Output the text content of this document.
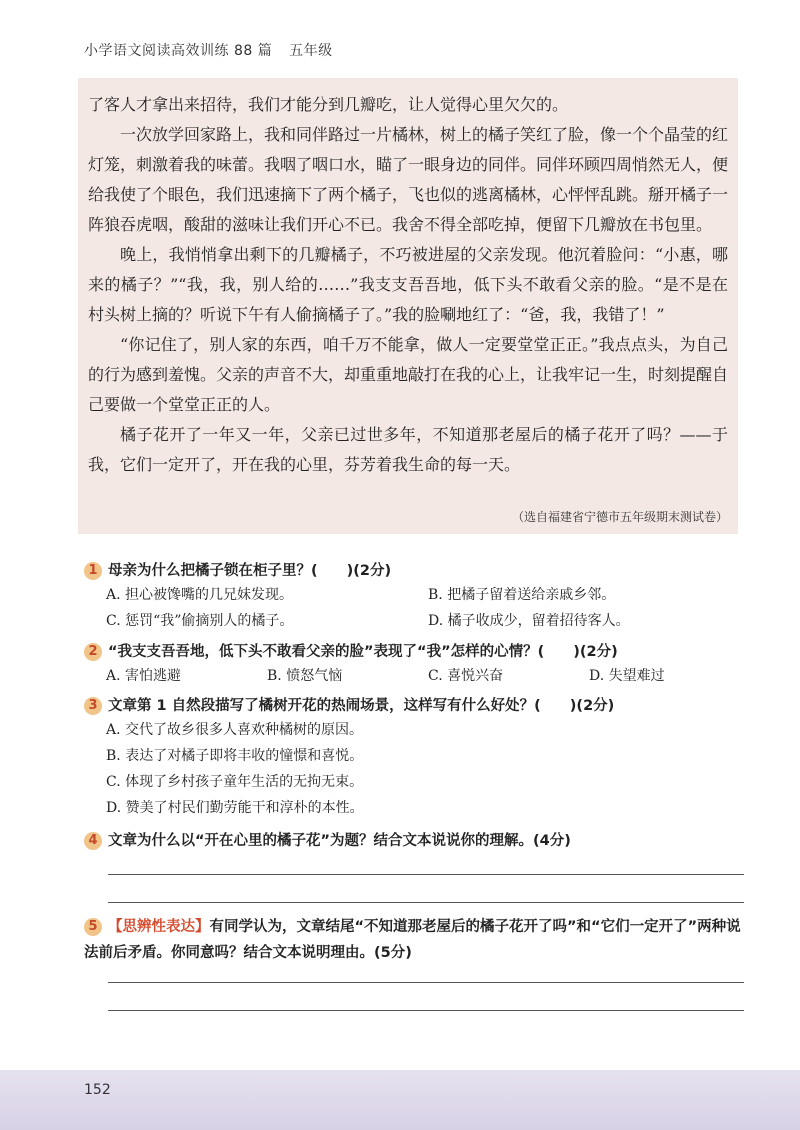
小学语文阅读高效训练 88 篇 五年级

了客人才拿出来招待，我们才能分到几瓣吃，让人觉得心里欠欠的。

一次放学回家路上，我和同伴路过一片橘林，树上的橘子笑红了脸，像一个个晶莹的红灯笼，刺激着我的味蕾。我咽了咽口水，瞄了一眼身边的同伴。同伴环顾四周悄然无人，便给我使了个眼色，我们迅速摘下了两个橘子，飞也似的逃离橘林，心怦怦乱跳。掰开橘子一阵狼吞虎咽，酸甜的滋味让我们开心不已。我舍不得全部吃掉，便留下几瓣放在书包里。

晚上，我悄悄拿出剩下的几瓣橘子，不巧被进屋的父亲发现。他沉着脸问：“小惠，哪来的橘子？”“我，我，别人给的……”我支支吾吾地，低下头不敢看父亲的脸。“是不是在村头树上摘的？听说下午有人偷摘橘子了。”我的脸唰地红了：“爸，我，我错了！”

“你记住了，别人家的东西，咱千万不能拿，做人一定要堂堂正正。”我点点头，为自己的行为感到羞愧。父亲的声音不大，却重重地敲打在我的心上，让我牢记一生，时刻提醒自己要做一个堂堂正正的人。

橘子花开了一年又一年，父亲已过世多年，不知道那老屋后的橘子花开了吗？——于我，它们一定开了，开在我的心里，芬芳着我生命的每一天。

（选自福建省宁德市五年级期末测试卷）
1 母亲为什么把橘子锁在柜子里？(　　)(2分)
A. 担心被馋嘴的几兄妹发现。	B. 把橘子留着送给亲戚乡邻。
C. 惩罚“我”偷摘别人的橘子。	D. 橘子收成少，留着招待客人。
2 “我支支吾吾地，低下头不敢看父亲的脸”表现了“我”怎样的心情？(　　)(2分)
A. 害怕逃避	B. 愤怒气恼	C. 喜悦兴奋	D. 失望难过
3 文章第 1 自然段描写了橘树开花的热闹场景，这样写有什么好处？(　　)(2分)
A. 交代了故乡很多人喜欢种橘树的原因。
B. 表达了对橘子即将丰收的憧憬和喜悦。
C. 体现了乡村孩子童年生活的无拘无束。
D. 赞美了村民们勤劳能干和淳朴的本性。
4 文章为什么以“开在心里的橘子花”为题？结合文本说说你的理解。(4分)
5 【思辨性表达】有同学认为，文章结尾“不知道那老屋后的橘子花开了吗”和“它们一定开了”两种说法前后矛盾。你同意吗？结合文本说明理由。(5分)
152
